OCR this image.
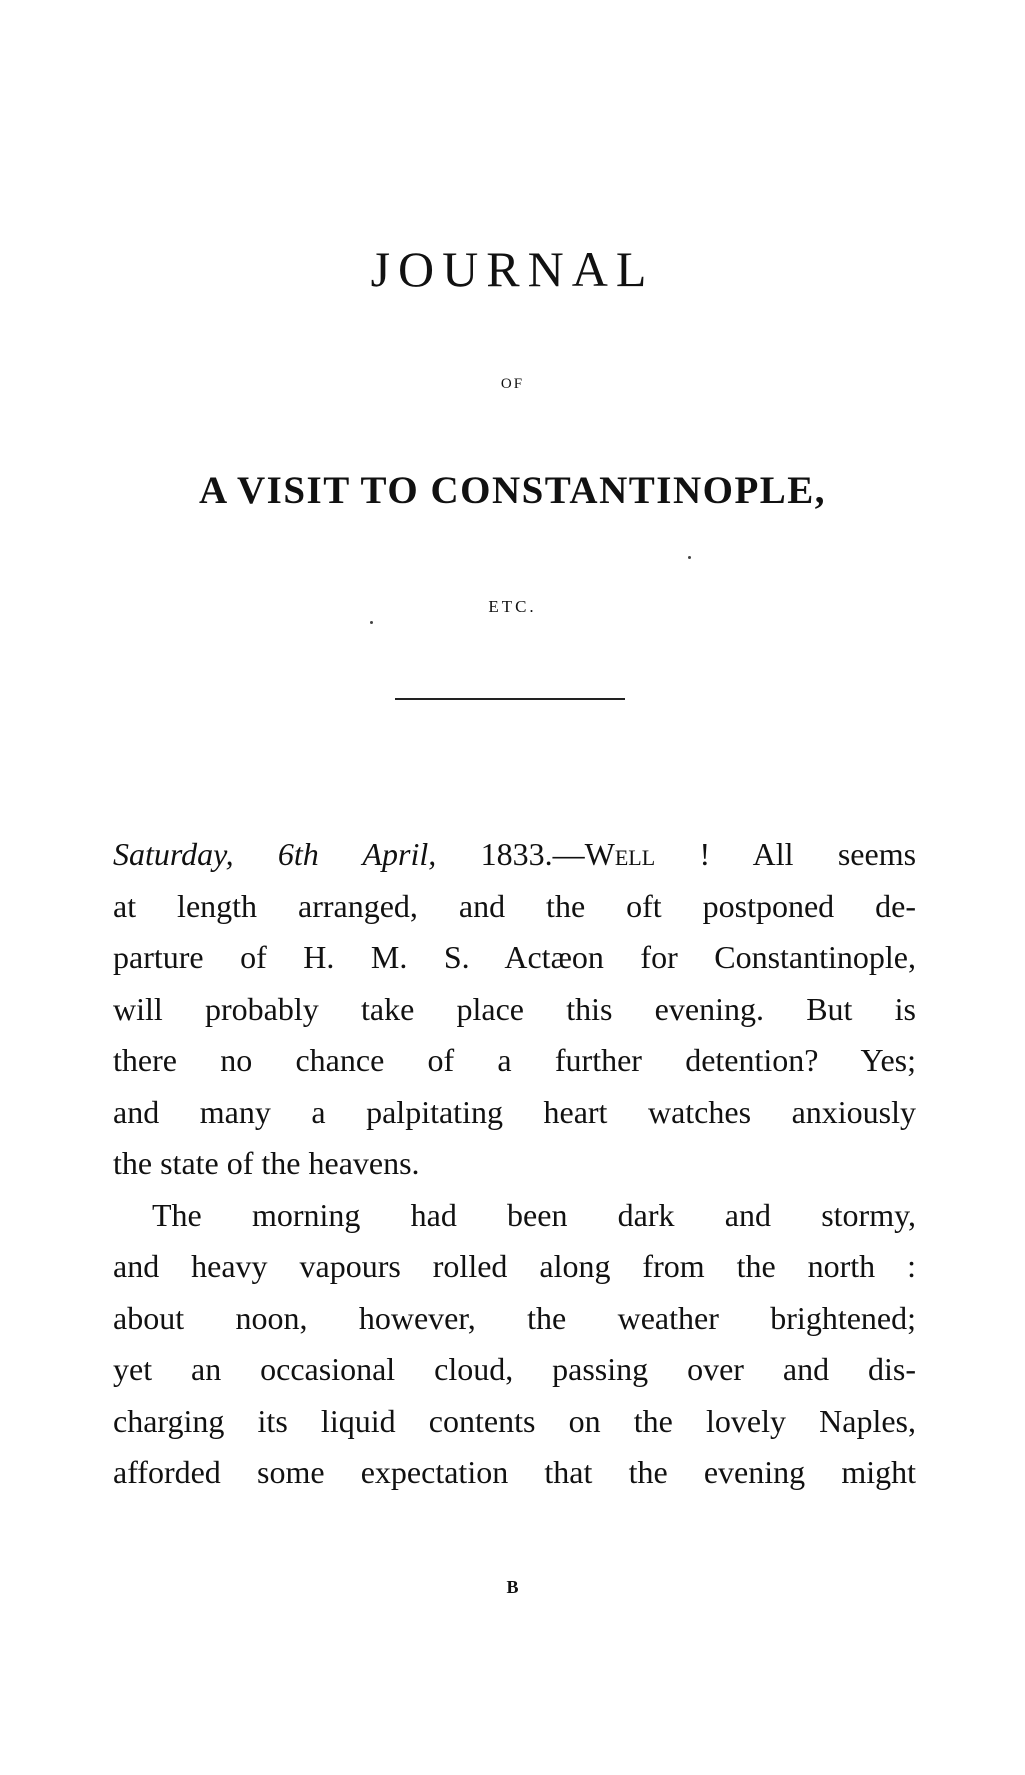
JOURNAL
OF
A VISIT TO CONSTANTINOPLE,
ETC.
Saturday, 6th April, 1833.—Well ! All seems
at length arranged, and the oft postponed de-
parture of H. M. S. Actæon for Constantinople,
will probably take place this evening. But is
there no chance of a further detention? Yes;
and many a palpitating heart watches anxiously
the state of the heavens.
The morning had been dark and stormy,
and heavy vapours rolled along from the north :
about noon, however, the weather brightened;
yet an occasional cloud, passing over and dis-
charging its liquid contents on the lovely Naples,
afforded some expectation that the evening might
B
